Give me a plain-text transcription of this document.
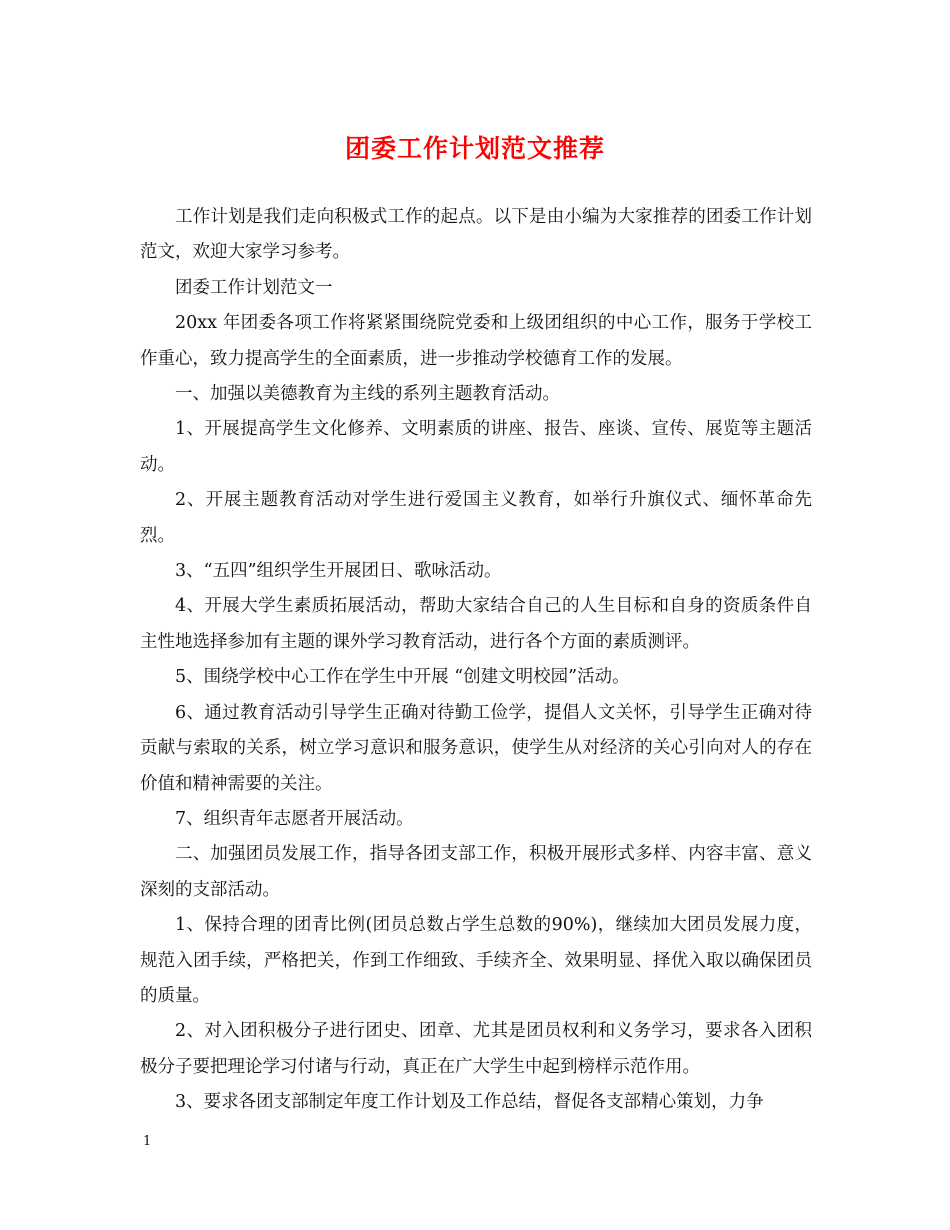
团委工作计划范文推荐

工作计划是我们走向积极式工作的起点。以下是由小编为大家推荐的团委工作计划范文，欢迎大家学习参考。

团委工作计划范文一

20xx 年团委各项工作将紧紧围绕院党委和上级团组织的中心工作，服务于学校工作重心，致力提高学生的全面素质，进一步推动学校德育工作的发展。

一、加强以美德教育为主线的系列主题教育活动。

1、开展提高学生文化修养、文明素质的讲座、报告、座谈、宣传、展览等主题活动。

2、开展主题教育活动对学生进行爱国主义教育，如举行升旗仪式、缅怀革命先烈。

3、“五四”组织学生开展团日、歌咏活动。

4、开展大学生素质拓展活动，帮助大家结合自己的人生目标和自身的资质条件自主性地选择参加有主题的课外学习教育活动，进行各个方面的素质测评。

5、围绕学校中心工作在学生中开展 “创建文明校园”活动。

6、通过教育活动引导学生正确对待勤工俭学，提倡人文关怀，引导学生正确对待贡献与索取的关系，树立学习意识和服务意识，使学生从对经济的关心引向对人的存在价值和精神需要的关注。

7、组织青年志愿者开展活动。

二、加强团员发展工作，指导各团支部工作，积极开展形式多样、内容丰富、意义深刻的支部活动。

1、保持合理的团青比例(团员总数占学生总数的90%)，继续加大团员发展力度，规范入团手续，严格把关，作到工作细致、手续齐全、效果明显、择优入取以确保团员的质量。

2、对入团积极分子进行团史、团章、尤其是团员权利和义务学习，要求各入团积极分子要把理论学习付诸与行动，真正在广大学生中起到榜样示范作用。

3、要求各团支部制定年度工作计划及工作总结，督促各支部精心策划，力争

1
